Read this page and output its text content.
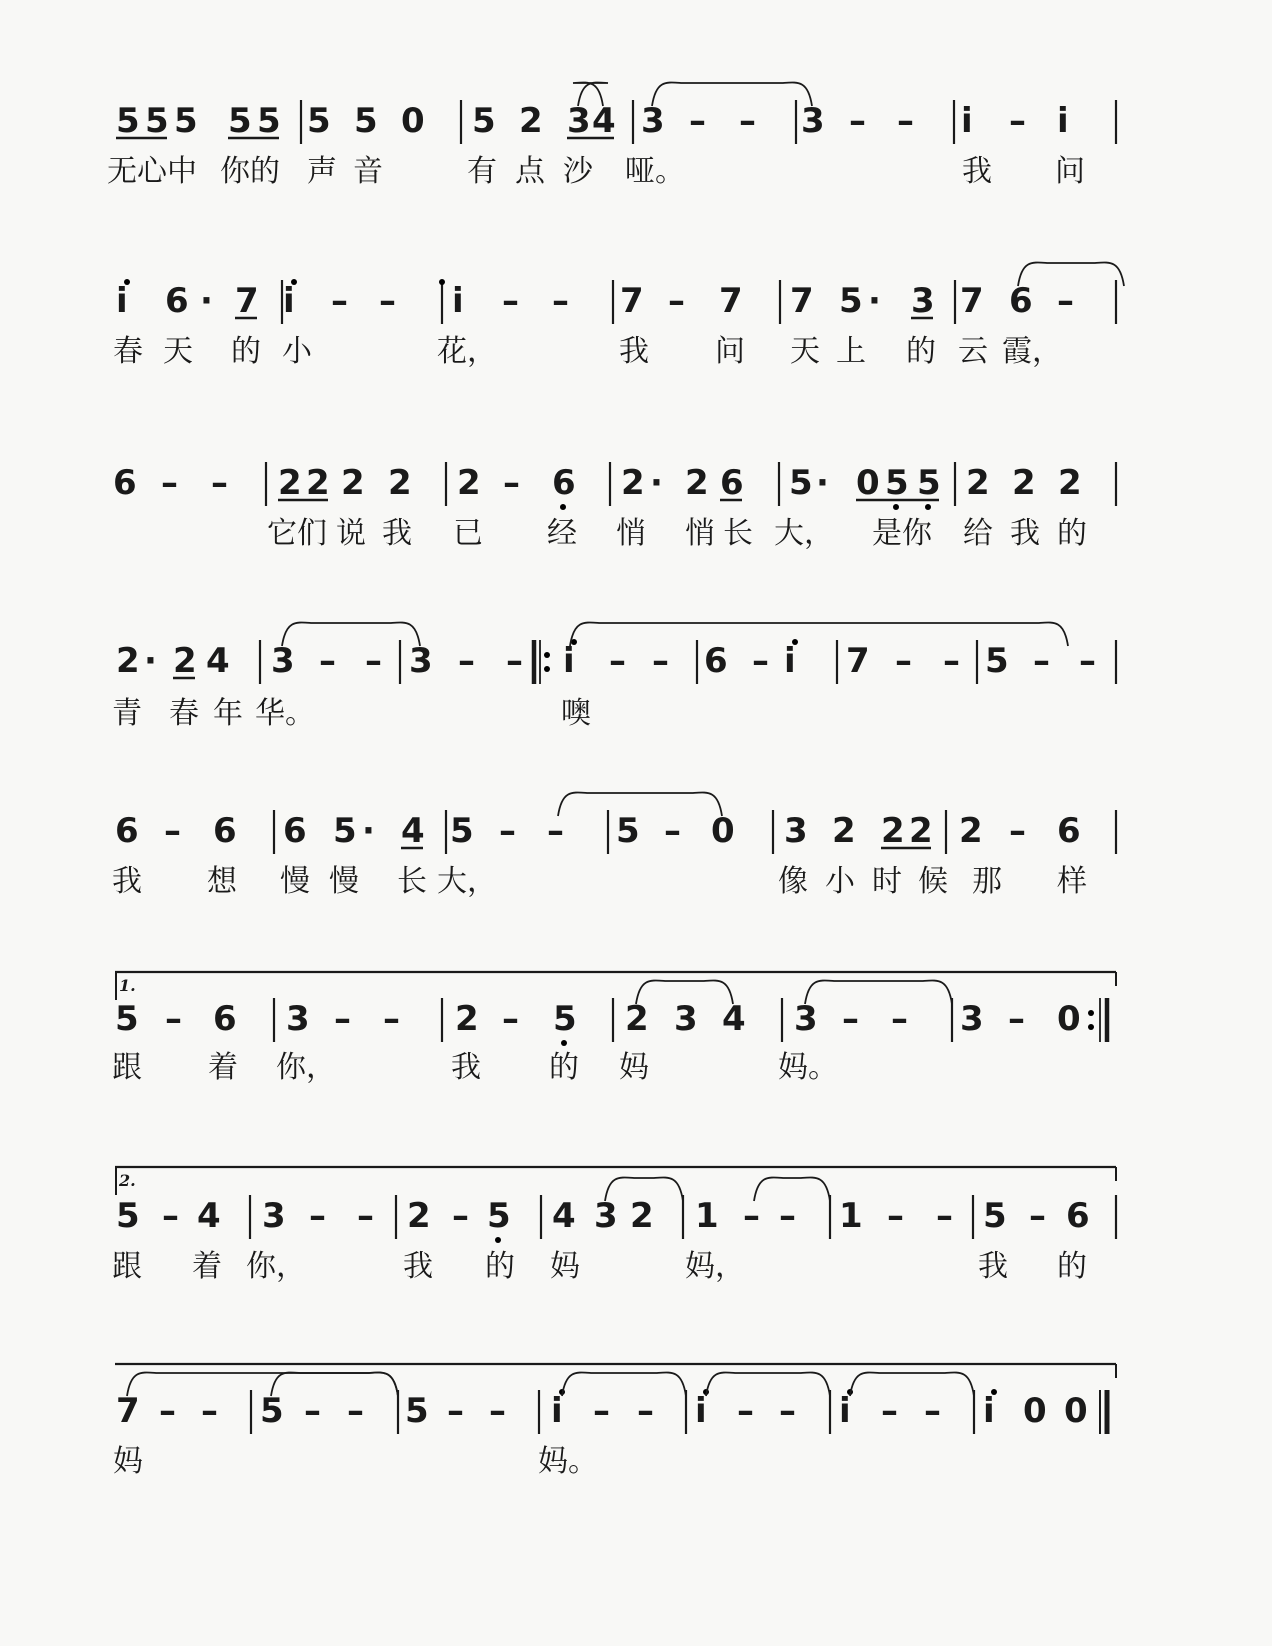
5 5 5 5 5 5 5 0 5 2 3 4 3 – – 3 – – i – i
无心中 你的 声 音	有 点 沙 哑。	我 问
i 6 · 7 i – – i – – 7 – 7 7 5 · 3 7 6 –
春 天 的 小	花，	我 问 天 上 的 云 霞，
6 – – 2 2 2 2 2 – 6 2 · 2 6 5 · 0 5 5 2 2 2
它们 说 我 已 经 悄 悄 长 大， 是你 给 我 的
2 · 2 4 3 – – 3 – – i – – 6 – i 7 – – 5 – –
青 春 年 华。	噢
6 – 6 6 5 · 4 5 – – 5 – 0 3 2 2 2 2 – 6
我 想 慢 慢 长 大，	像 小 时 候 那 样
1.
5 – 6 3 – – 2 – 5 2 3 4 3 – – 3 – 0
跟 着 你，	我 的 妈	妈。
2.
5 – 4 3 – – 2 – 5 4 3 2 1 – – 1 – – 5 – 6
跟 着 你，	我 的 妈	妈，	我 的
7 – – 5 – – 5 – – i – – i – – i – – i 0 0
妈	妈。
